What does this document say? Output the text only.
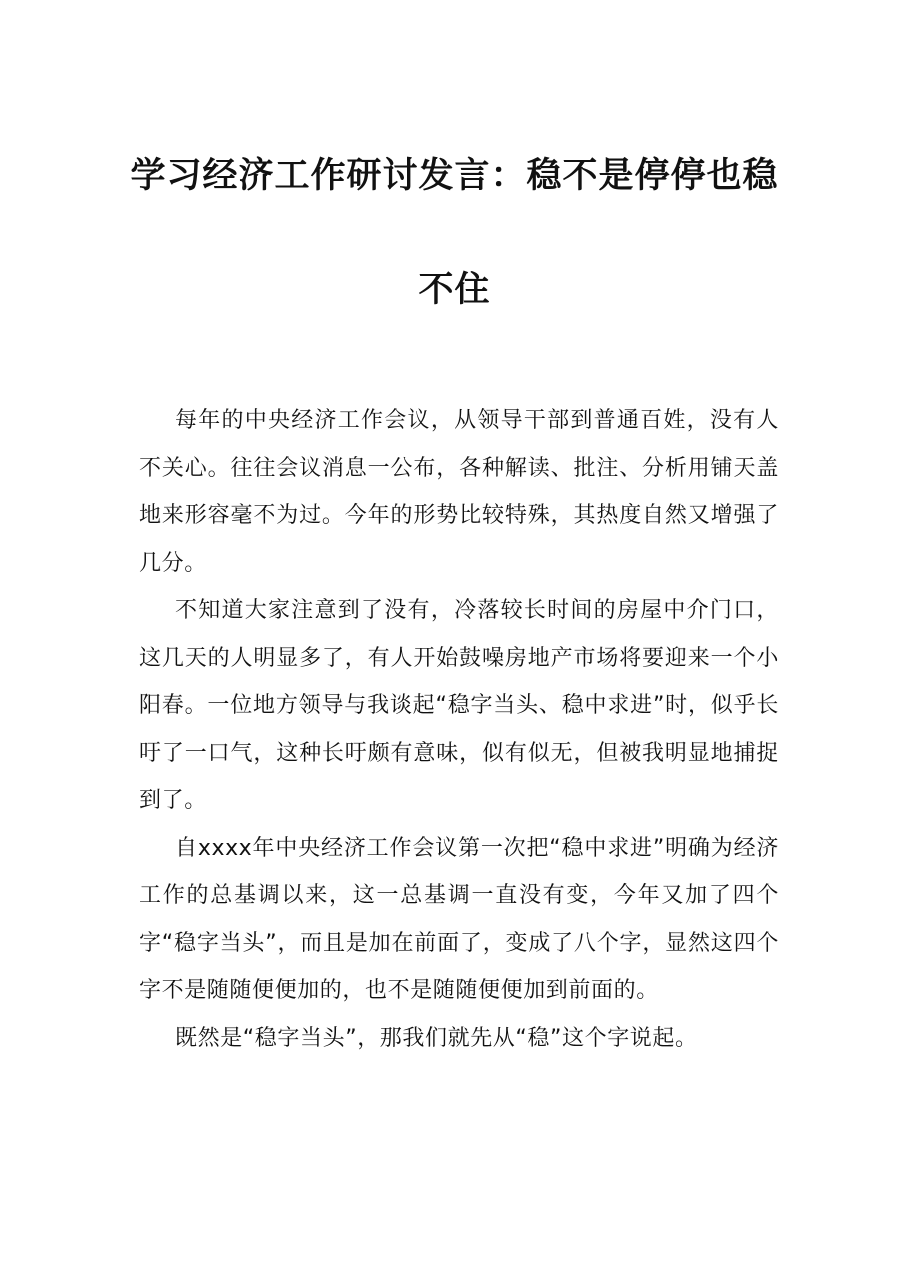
学习经济工作研讨发言：稳不是停停也稳
不住

每年的中央经济工作会议，从领导干部到普通百姓，没有人不关心。往往会议消息一公布，各种解读、批注、分析用铺天盖地来形容毫不为过。今年的形势比较特殊，其热度自然又增强了几分。

不知道大家注意到了没有，冷落较长时间的房屋中介门口，这几天的人明显多了，有人开始鼓噪房地产市场将要迎来一个小阳春。一位地方领导与我谈起“稳字当头、稳中求进”时，似乎长吁了一口气，这种长吁颇有意味，似有似无，但被我明显地捕捉到了。

自xxxx年中央经济工作会议第一次把“稳中求进”明确为经济工作的总基调以来，这一总基调一直没有变，今年又加了四个字“稳字当头”，而且是加在前面了，变成了八个字，显然这四个字不是随随便便加的，也不是随随便便加到前面的。

既然是“稳字当头”，那我们就先从“稳”这个字说起。
